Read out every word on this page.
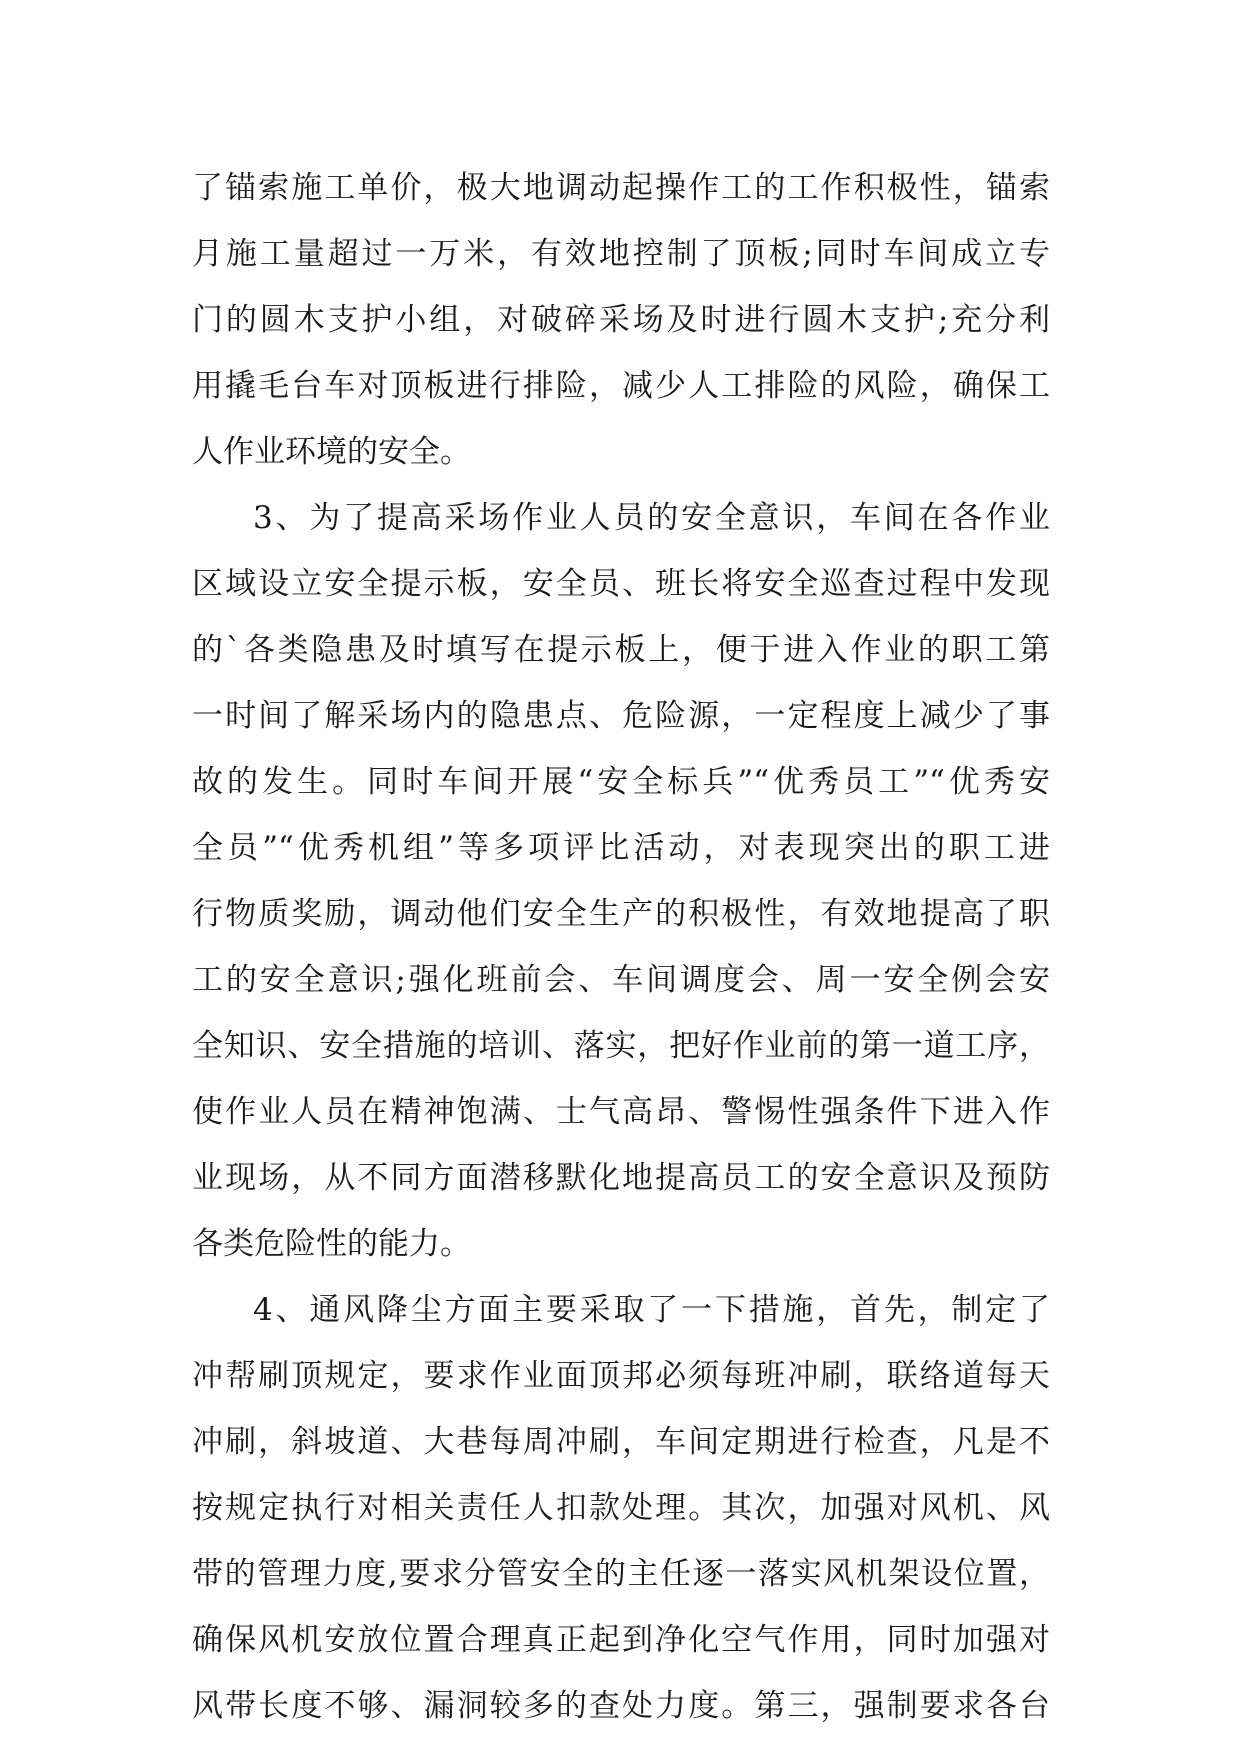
了锚索施工单价，极大地调动起操作工的工作积极性，锚索
月施工量超过一万米，有效地控制了顶板;同时车间成立专
门的圆木支护小组，对破碎采场及时进行圆木支护;充分利
用撬毛台车对顶板进行排险，减少人工排险的风险，确保工
人作业环境的安全。
3、为了提高采场作业人员的安全意识，车间在各作业
区域设立安全提示板，安全员、班长将安全巡查过程中发现
的`各类隐患及时填写在提示板上，便于进入作业的职工第
一时间了解采场内的隐患点、危险源，一定程度上减少了事
故的发生。同时车间开展“安全标兵”“优秀员工”“优秀安
全员”“优秀机组”等多项评比活动，对表现突出的职工进
行物质奖励，调动他们安全生产的积极性，有效地提高了职
工的安全意识;强化班前会、车间调度会、周一安全例会安
全知识、安全措施的培训、落实，把好作业前的第一道工序，
使作业人员在精神饱满、士气高昂、警惕性强条件下进入作
业现场，从不同方面潜移默化地提高员工的安全意识及预防
各类危险性的能力。
4、通风降尘方面主要采取了一下措施，首先，制定了
冲帮刷顶规定，要求作业面顶邦必须每班冲刷，联络道每天
冲刷，斜坡道、大巷每周冲刷，车间定期进行检查，凡是不
按规定执行对相关责任人扣款处理。其次，加强对风机、风
带的管理力度,要求分管安全的主任逐一落实风机架设位置，
确保风机安放位置合理真正起到净化空气作用，同时加强对
风带长度不够、漏洞较多的查处力度。第三，强制要求各台
